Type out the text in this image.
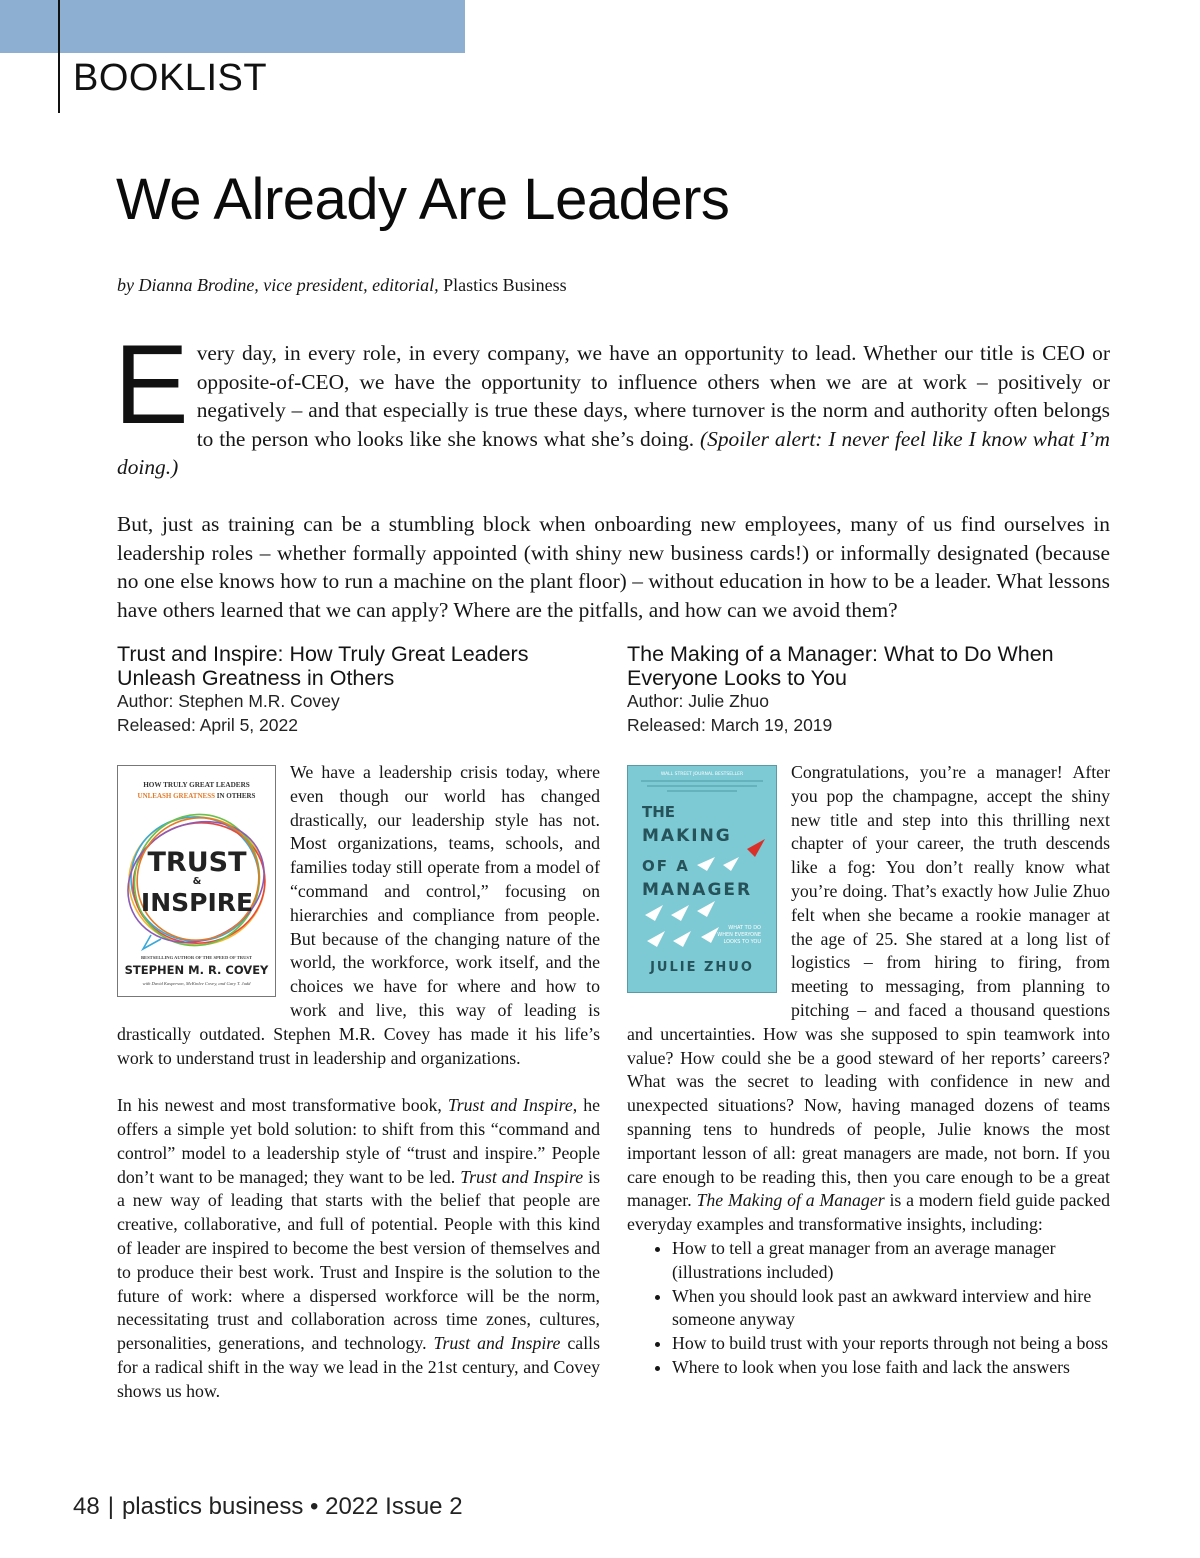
BOOKLIST
We Already Are Leaders
by Dianna Brodine, vice president, editorial, Plastics Business

Every day, in every role, in every company, we have an opportunity to lead. Whether our title is CEO or opposite-of-CEO, we have the opportunity to influence others when we are at work – positively or negatively – and that especially is true these days, where turnover is the norm and authority often belongs to the person who looks like she knows what she’s doing. (Spoiler alert: I never feel like I know what I’m doing.)

But, just as training can be a stumbling block when onboarding new employees, many of us find ourselves in leadership roles – whether formally appointed (with shiny new business cards!) or informally designated (because no one else knows how to run a machine on the plant floor) – without education in how to be a leader. What lessons have others learned that we can apply? Where are the pitfalls, and how can we avoid them?

Trust and Inspire: How Truly Great Leaders Unleash Greatness in Others

Author: Stephen M.R. Covey

Released: April 5, 2022

HOW TRULY GREAT LEADERS
UNLEASH GREATNESS IN OTHERS
TRUST
&
INSPIRE
BESTSELLING AUTHOR OF THE SPEED OF TRUST
STEPHEN M. R. COVEY
with David Kasperson, McKinlee Covey, and Gary T. Judd

We have a leadership crisis today, where even though our world has changed drastically, our leadership style has not. Most organizations, teams, schools, and families today still operate from a model of “command and control,” focusing on hierarchies and compliance from people. But because of the changing nature of the world, the workforce, work itself, and the choices we have for where and how to work and live, this way of leading is drastically outdated. Stephen M.R. Covey has made it his life’s work to understand trust in leadership and organizations.

In his newest and most transformative book, Trust and Inspire, he offers a simple yet bold solution: to shift from this “command and control” model to a leadership style of “trust and inspire.” People don’t want to be managed; they want to be led. Trust and Inspire is a new way of leading that starts with the belief that people are creative, collaborative, and full of potential. People with this kind of leader are inspired to become the best version of themselves and to produce their best work. Trust and Inspire is the solution to the future of work: where a dispersed workforce will be the norm, necessitating trust and collaboration across time zones, cultures, personalities, generations, and technology. Trust and Inspire calls for a radical shift in the way we lead in the 21st century, and Covey shows us how.

The Making of a Manager: What to Do When Everyone Looks to You

Author: Julie Zhuo

Released: March 19, 2019

WALL STREET JOURNAL BESTSELLER
THE
MAKING
OF A
MANAGER
WHAT TO DO
WHEN EVERYONE
LOOKS TO YOU
JULIE ZHUO

Congratulations, you’re a manager! After you pop the champagne, accept the shiny new title and step into this thrilling next chapter of your career, the truth descends like a fog: You don’t really know what you’re doing. That’s exactly how Julie Zhuo felt when she became a rookie manager at the age of 25. She stared at a long list of logistics – from hiring to firing, from meeting to messaging, from planning to pitching – and faced a thousand questions and uncertainties. How was she supposed to spin teamwork into value? How could she be a good steward of her reports’ careers? What was the secret to leading with confidence in new and unexpected situations? Now, having managed dozens of teams spanning tens to hundreds of people, Julie knows the most important lesson of all: great managers are made, not born. If you care enough to be reading this, then you care enough to be a great manager. The Making of a Manager is a modern field guide packed everyday examples and transformative insights, including:

• How to tell a great manager from an average manager (illustrations included)
• When you should look past an awkward interview and hire someone anyway
• How to build trust with your reports through not being a boss
• Where to look when you lose faith and lack the answers
48 | plastics business • 2022 Issue 2
